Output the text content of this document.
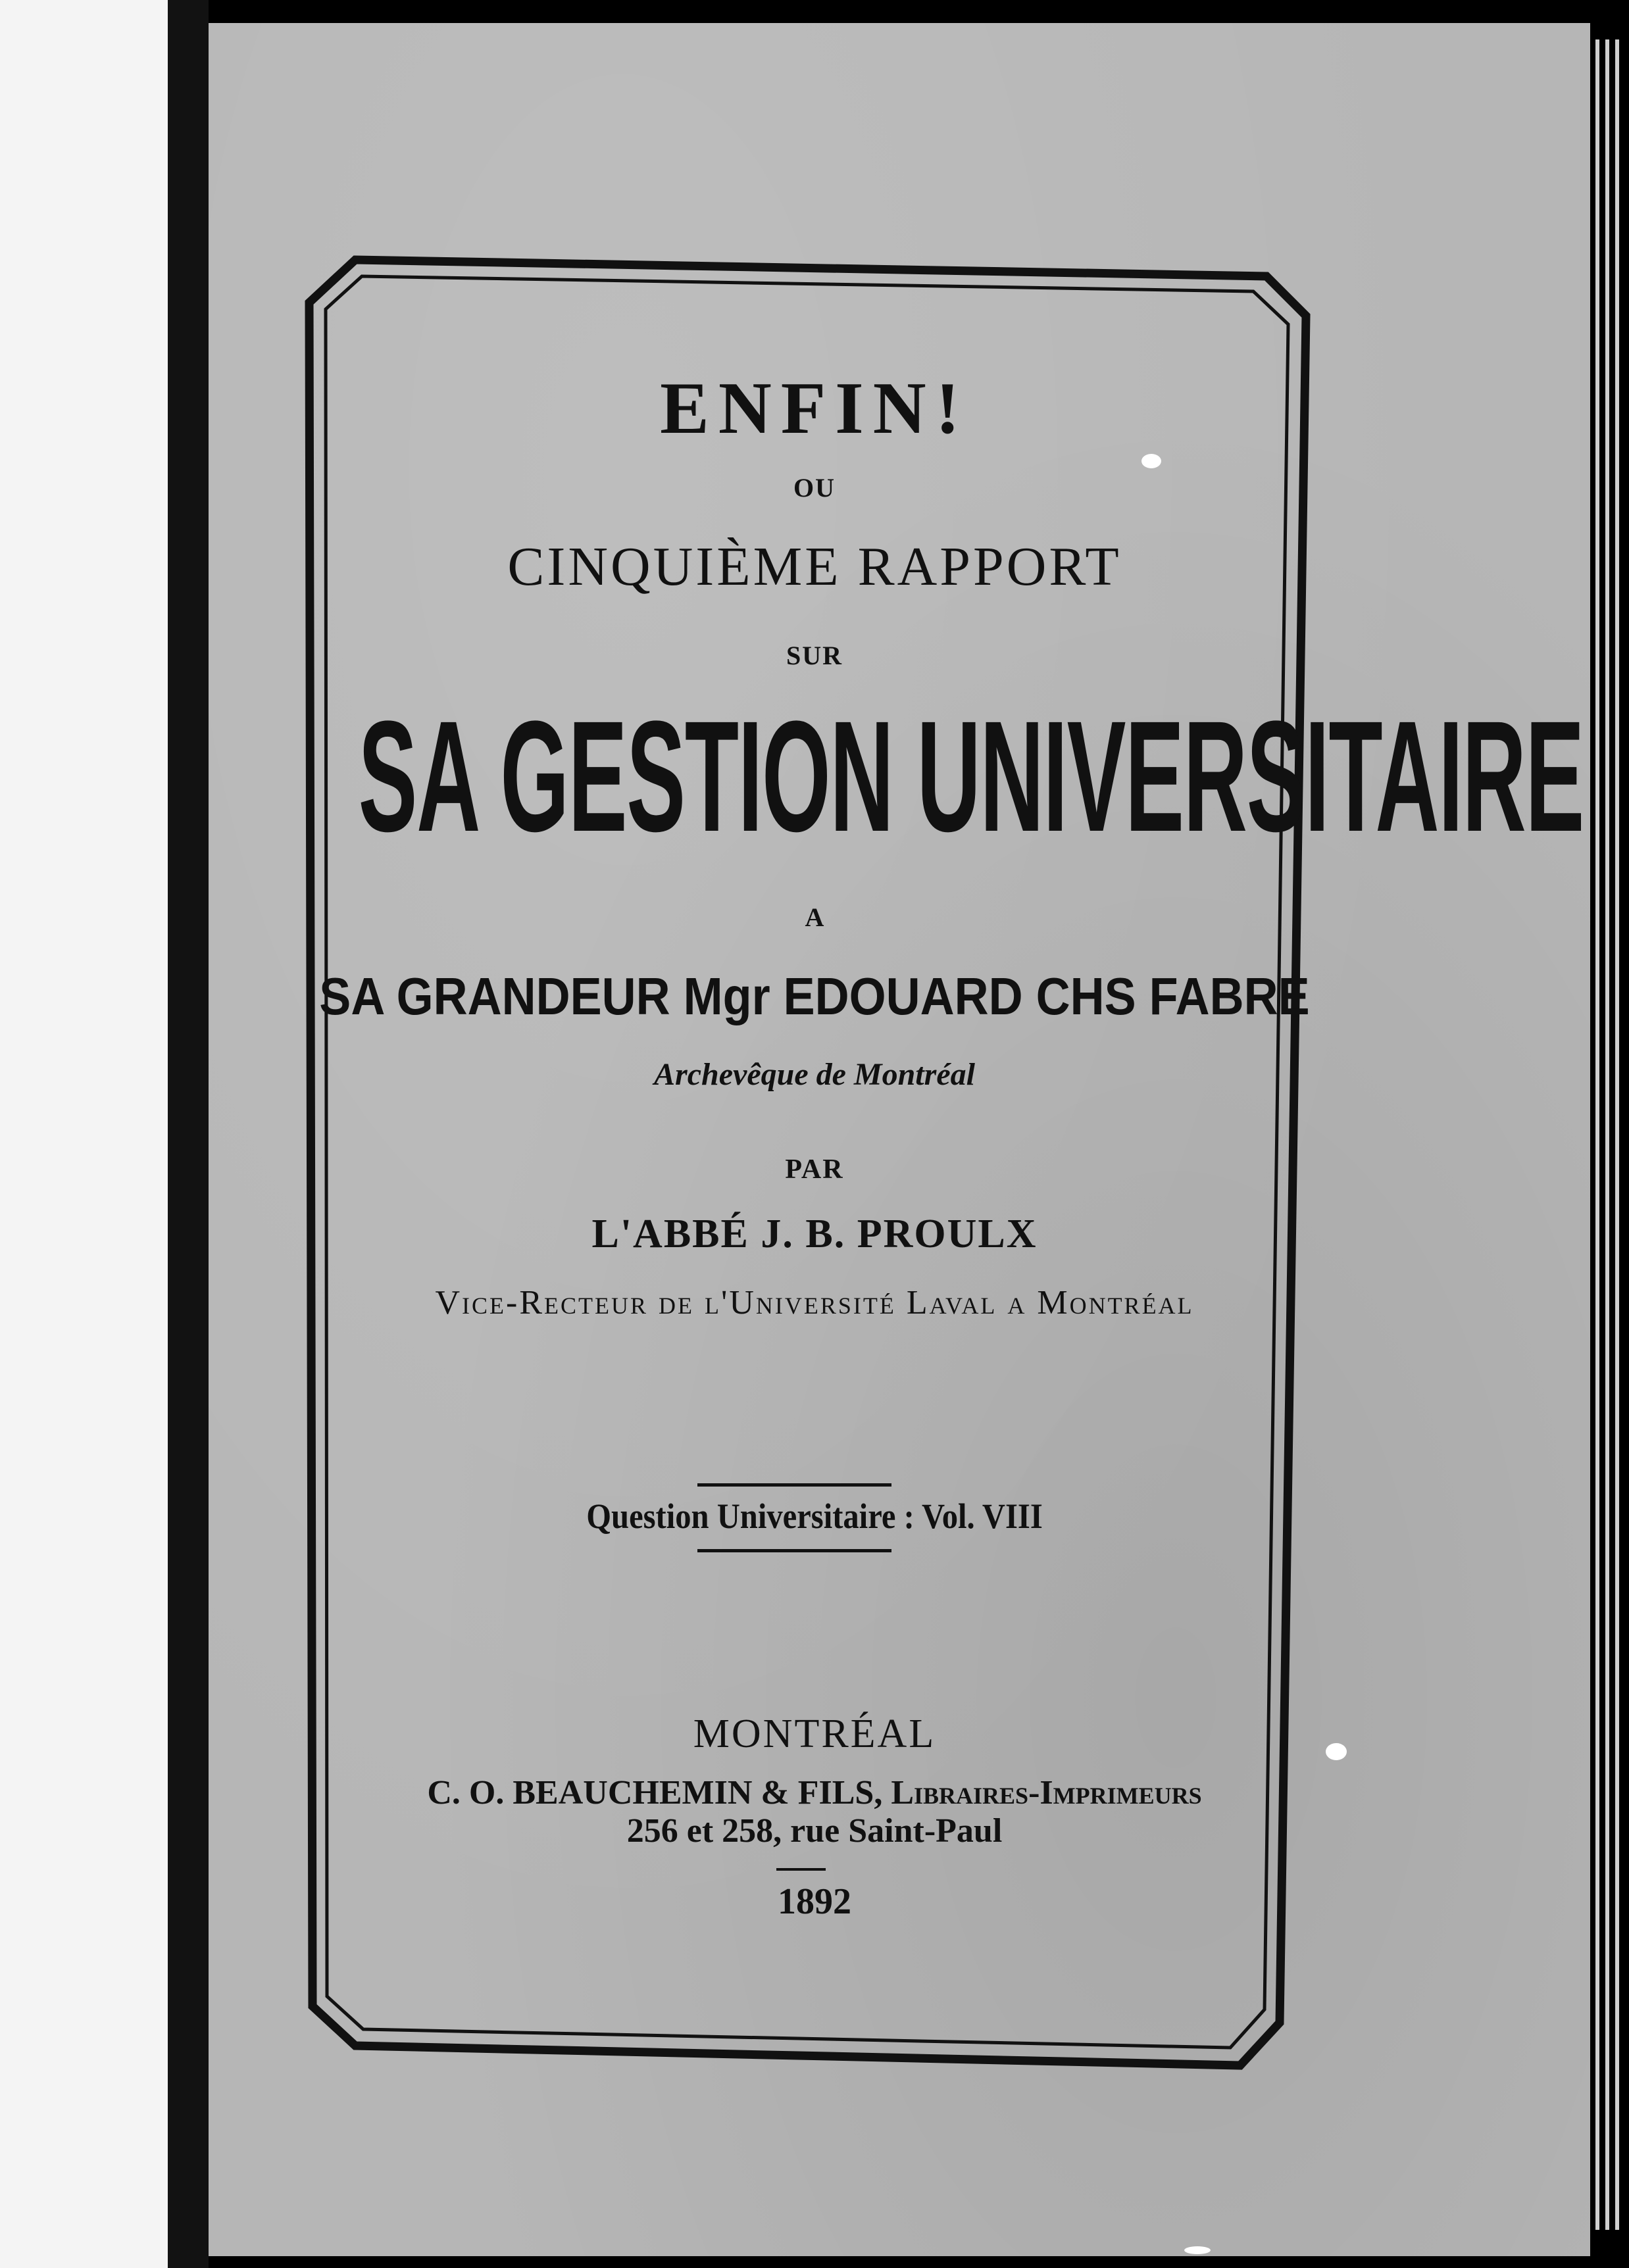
ENFIN!
OU
CINQUIÈME RAPPORT
SUR
SA GESTION UNIVERSITAIRE
A
SA GRANDEUR Mgr EDOUARD CHS FABRE
Archevêque de Montréal
PAR
L'ABBÉ J. B. PROULX
Vice-Recteur de l'Université Laval a Montréal
Question Universitaire : Vol. VIII
MONTRÉAL
C. O. BEAUCHEMIN & FILS, Libraires-Imprimeurs
256 et 258, rue Saint-Paul
1892
